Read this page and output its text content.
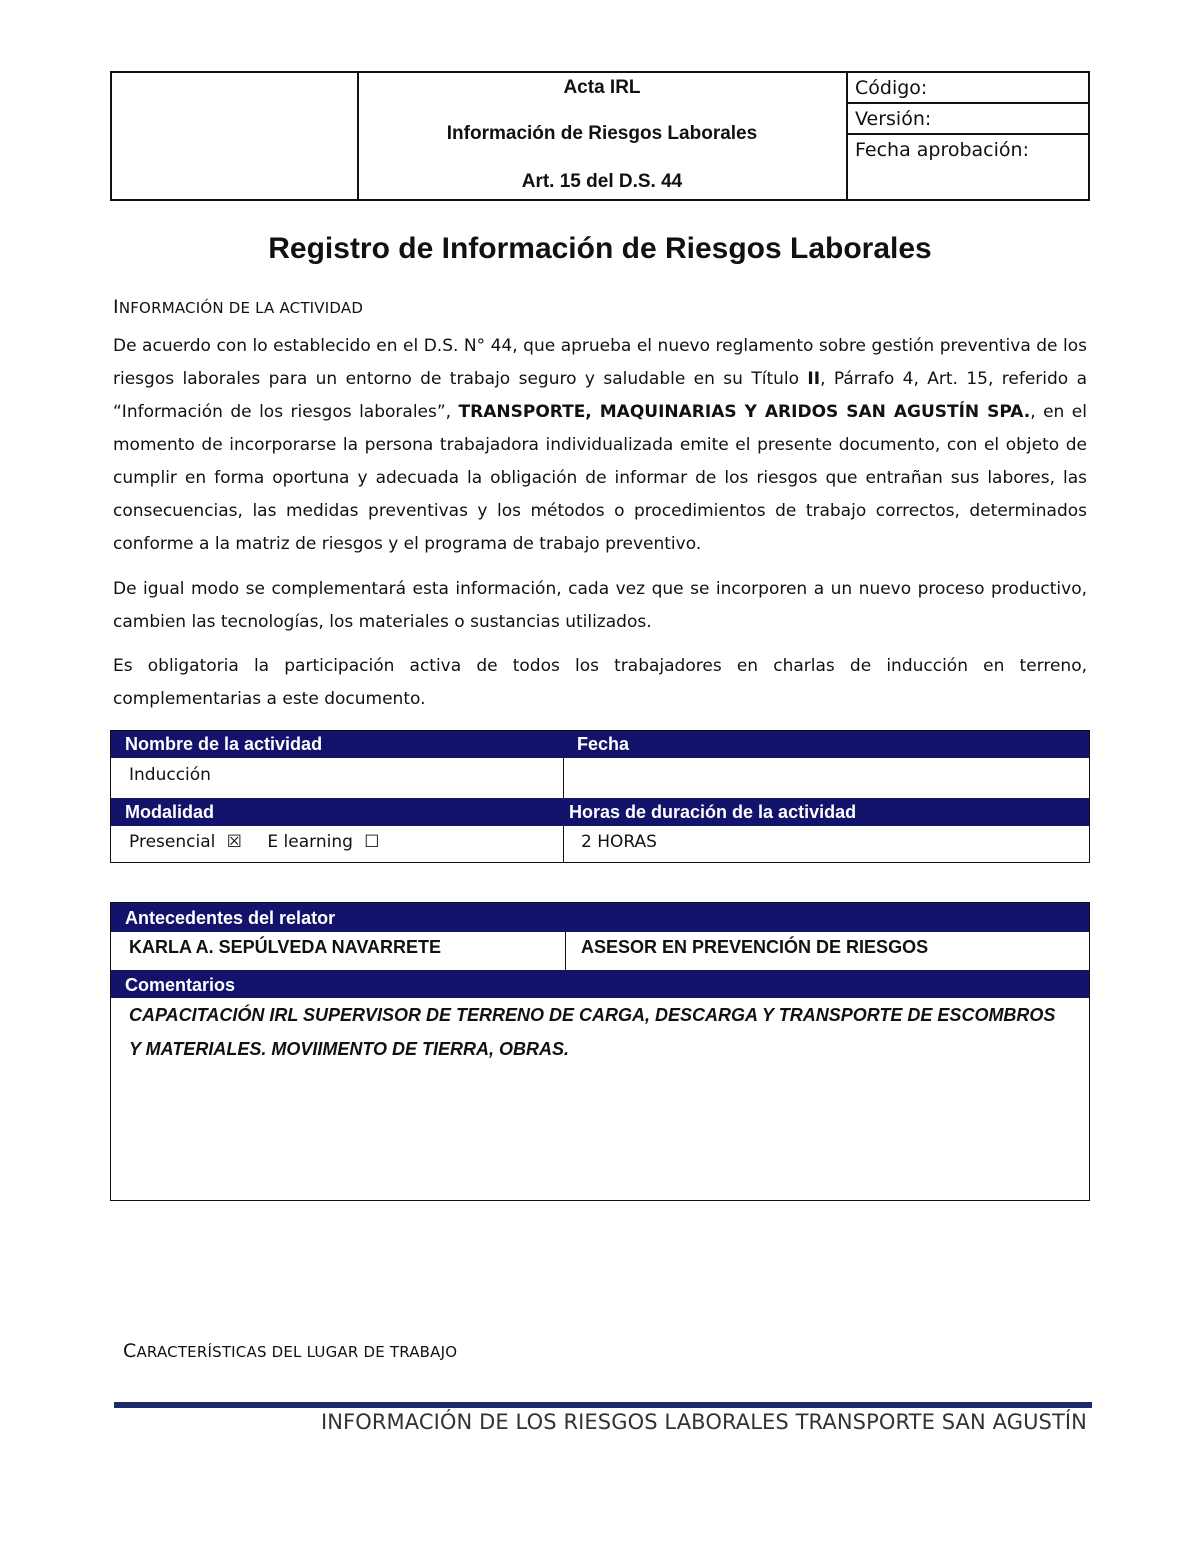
Acta IRL
Información de Riesgos Laborales
Art. 15 del D.S. 44
Código:
Versión:
Fecha aprobación:
Registro de Información de Riesgos Laborales
INFORMACIÓN DE LA ACTIVIDAD
De acuerdo con lo establecido en el D.S. N° 44, que aprueba el nuevo reglamento sobre gestión preventiva de los riesgos laborales para un entorno de trabajo seguro y saludable en su Título II, Párrafo 4, Art. 15, referido a “Información de los riesgos laborales”, TRANSPORTE, MAQUINARIAS Y ARIDOS SAN AGUSTÍN SPA., en el momento de incorporarse la persona trabajadora individualizada emite el presente documento, con el objeto de cumplir en forma oportuna y adecuada la obligación de informar de los riesgos que entrañan sus labores, las consecuencias, las medidas preventivas y los métodos o procedimientos de trabajo correctos, determinados conforme a la matriz de riesgos y el programa de trabajo preventivo.
De igual modo se complementará esta información, cada vez que se incorporen a un nuevo proceso productivo, cambien las tecnologías, los materiales o sustancias utilizados.
Es obligatoria la participación activa de todos los trabajadores en charlas de inducción en terreno, complementarias a este documento.
Nombre de la actividad	Fecha
Inducción
Modalidad	Horas de duración de la actividad
Presencial ☒ E learning ☐	2 HORAS
Antecedentes del relator
KARLA A. SEPÚLVEDA NAVARRETE	ASESOR EN PREVENCIÓN DE RIESGOS
Comentarios
CAPACITACIÓN IRL SUPERVISOR DE TERRENO DE CARGA, DESCARGA Y TRANSPORTE DE ESCOMBROS Y MATERIALES. MOVIIMENTO DE TIERRA, OBRAS.
CARACTERÍSTICAS DEL LUGAR DE TRABAJO
INFORMACIÓN DE LOS RIESGOS LABORALES TRANSPORTE SAN AGUSTÍN
